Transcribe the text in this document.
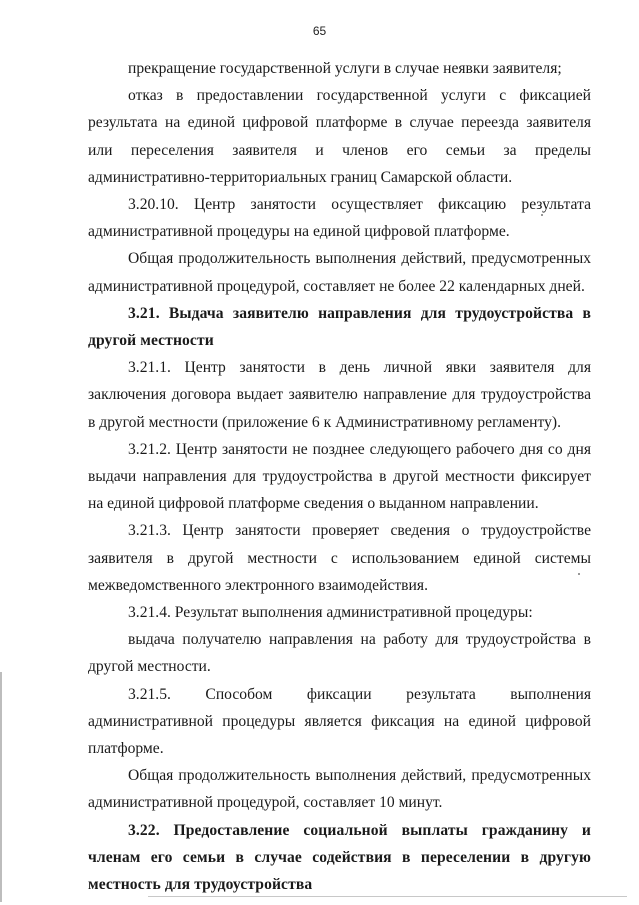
65

прекращение государственной услуги в случае неявки заявителя;

отказ в предоставлении государственной услуги с фиксацией результата на единой цифровой платформе в случае переезда заявителя или переселения заявителя и членов его семьи за пределы административно-территориальных границ Самарской области.

3.20.10. Центр занятости осуществляет фиксацию результата административной процедуры на единой цифровой платформе.

Общая продолжительность выполнения действий, предусмотренных административной процедурой, составляет не более 22 календарных дней.

3.21. Выдача заявителю направления для трудоустройства в другой местности

3.21.1. Центр занятости в день личной явки заявителя для заключения договора выдает заявителю направление для трудоустройства в другой местности (приложение 6 к Административному регламенту).

3.21.2. Центр занятости не позднее следующего рабочего дня со дня выдачи направления для трудоустройства в другой местности фиксирует на единой цифровой платформе сведения о выданном направлении.

3.21.3. Центр занятости проверяет сведения о трудоустройстве заявителя в другой местности с использованием единой системы межведомственного электронного взаимодействия.

3.21.4. Результат выполнения административной процедуры:

выдача получателю направления на работу для трудоустройства в другой местности.

3.21.5. Способом фиксации результата выполнения административной процедуры является фиксация на единой цифровой платформе.

Общая продолжительность выполнения действий, предусмотренных административной процедурой, составляет 10 минут.

3.22. Предоставление социальной выплаты гражданину и членам его семьи в случае содействия в переселении в другую местность для трудоустройства
